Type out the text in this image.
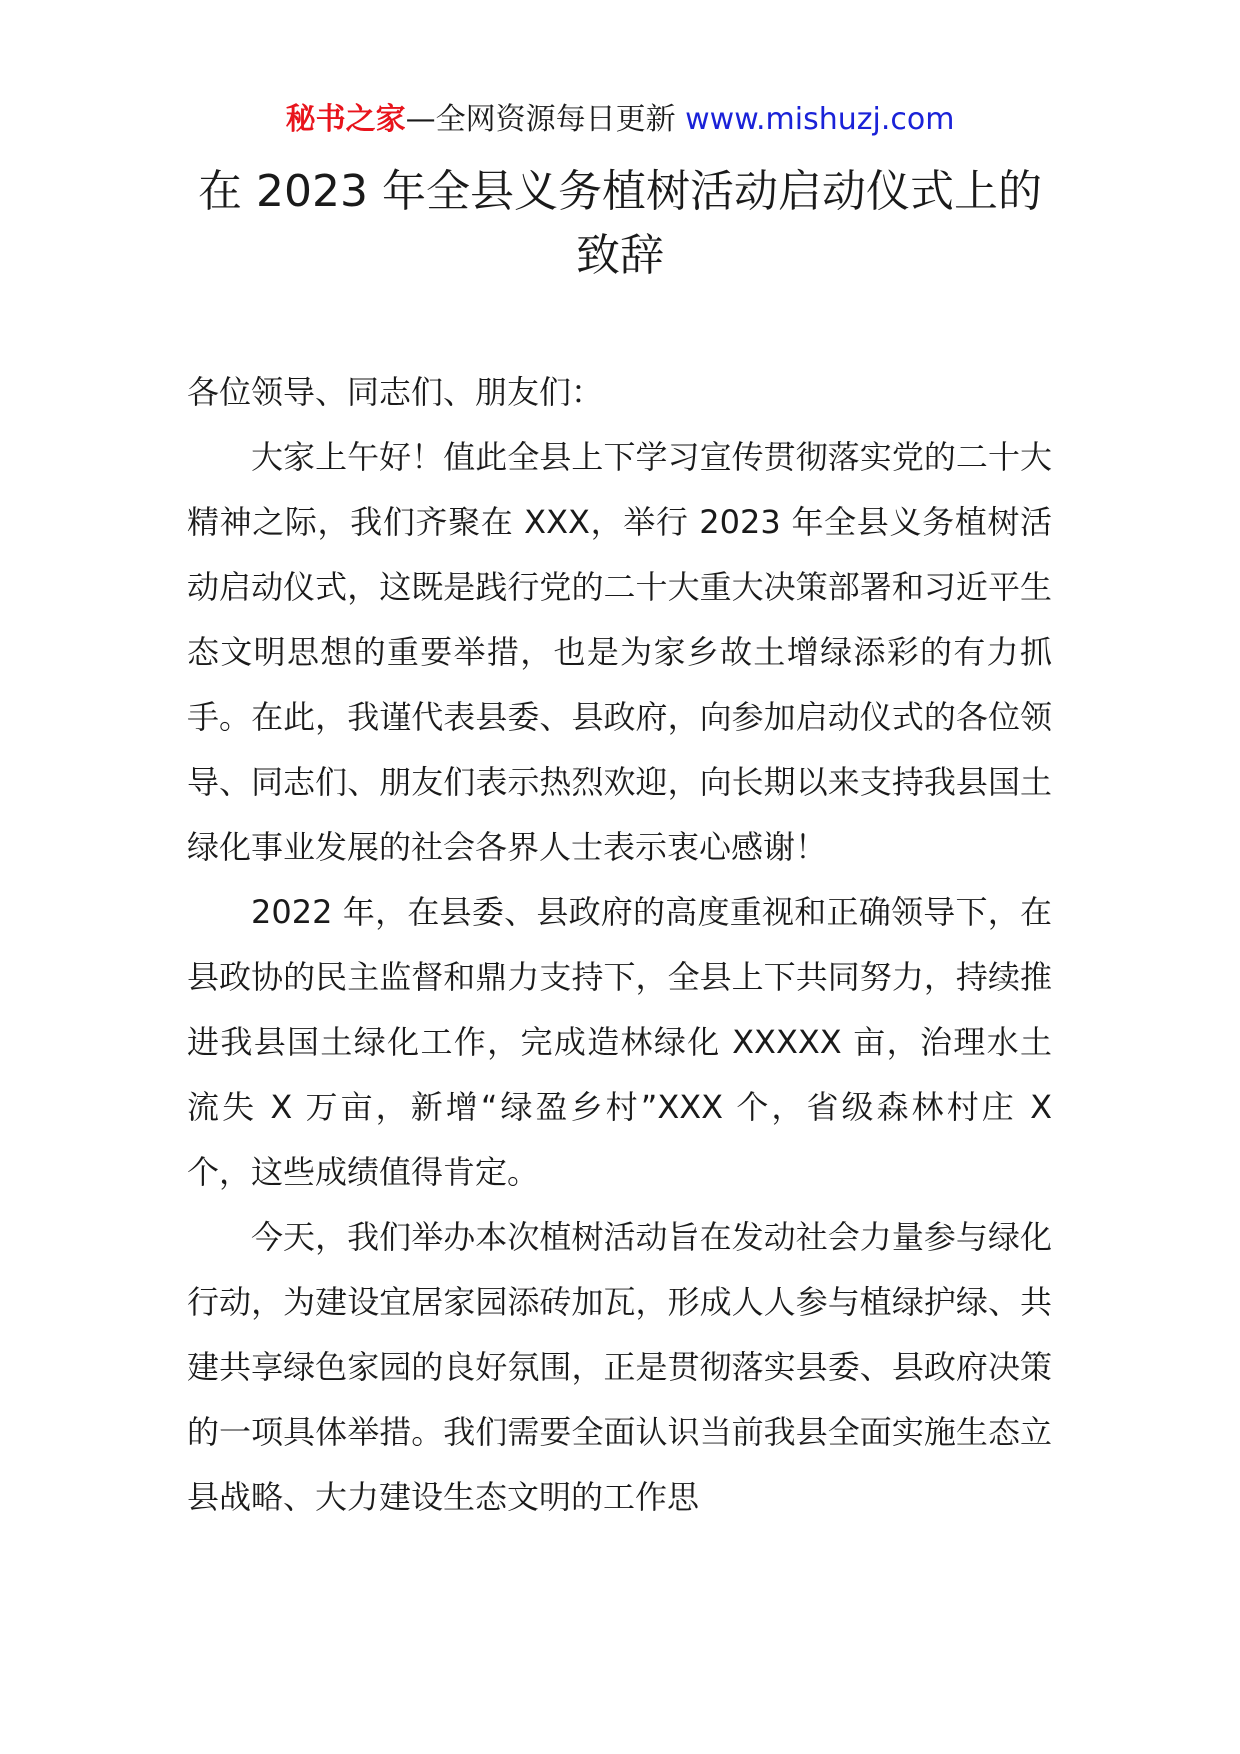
秘书之家—全网资源每日更新 www.mishuzj.com
在 2023 年全县义务植树活动启动仪式上的
致辞

各位领导、同志们、朋友们：

大家上午好！值此全县上下学习宣传贯彻落实党的二十大精神之际，我们齐聚在 XXX，举行 2023 年全县义务植树活动启动仪式，这既是践行党的二十大重大决策部署和习近平生态文明思想的重要举措，也是为家乡故土增绿添彩的有力抓手。在此，我谨代表县委、县政府，向参加启动仪式的各位领导、同志们、朋友们表示热烈欢迎，向长期以来支持我县国土绿化事业发展的社会各界人士表示衷心感谢！

2022 年，在县委、县政府的高度重视和正确领导下，在县政协的民主监督和鼎力支持下，全县上下共同努力，持续推进我县国土绿化工作，完成造林绿化 XXXXX 亩，治理水土流失 X 万亩，新增“绿盈乡村”XXX 个，省级森林村庄 X 个，这些成绩值得肯定。

今天，我们举办本次植树活动旨在发动社会力量参与绿化行动，为建设宜居家园添砖加瓦，形成人人参与植绿护绿、共建共享绿色家园的良好氛围，正是贯彻落实县委、县政府决策的一项具体举措。我们需要全面认识当前我县全面实施生态立县战略、大力建设生态文明的工作思
